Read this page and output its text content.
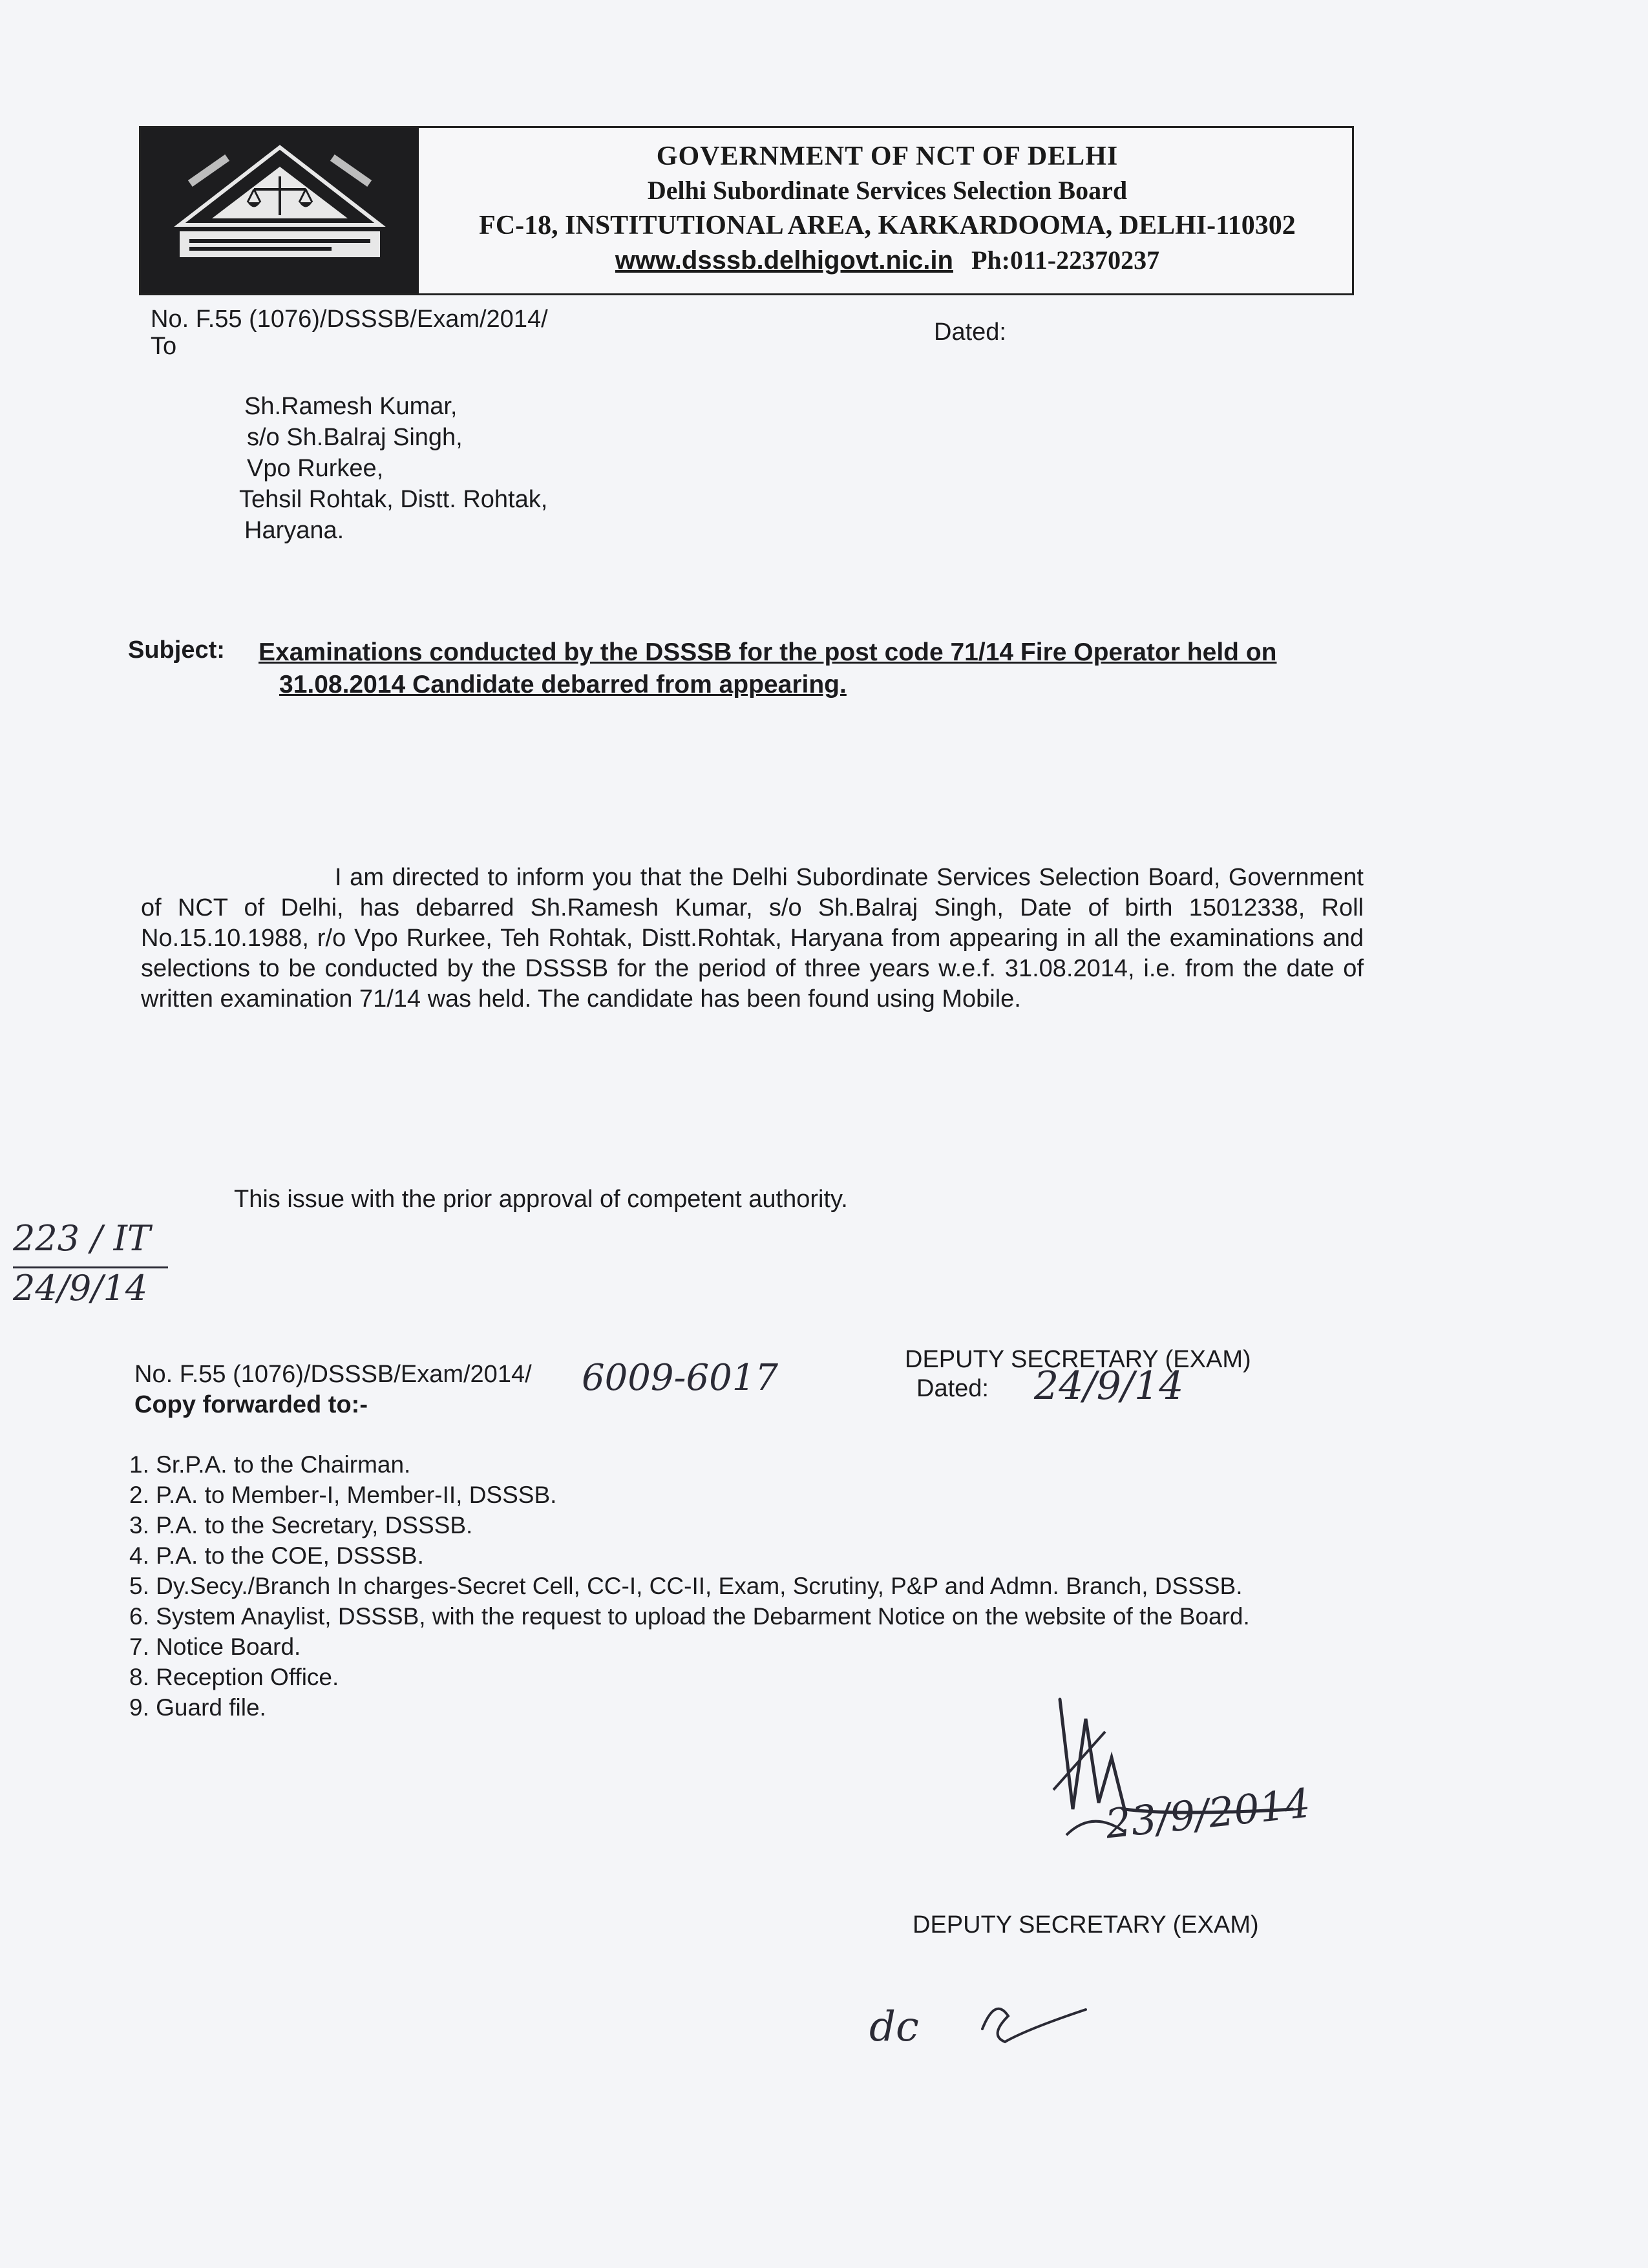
GOVERNMENT OF NCT OF DELHI
Delhi Subordinate Services Selection Board
FC-18, INSTITUTIONAL AREA, KARKARDOOMA, DELHI-110302
www.dsssb.delhigovt.nic.in Ph:011-22370237
No. F.55 (1076)/DSSSB/Exam/2014/
To
Dated:
Sh.Ramesh Kumar,
s/o Sh.Balraj Singh,
Vpo Rurkee,
Tehsil Rohtak, Distt. Rohtak,
Haryana.
Subject: Examinations conducted by the DSSSB for the post code 71/14 Fire Operator held on
31.08.2014 Candidate debarred from appearing.

I am directed to inform you that the Delhi Subordinate Services Selection Board, Government of NCT of Delhi, has debarred Sh.Ramesh Kumar, s/o Sh.Balraj Singh, Date of birth 15012338, Roll No.15.10.1988, r/o Vpo Rurkee, Teh Rohtak, Distt.Rohtak, Haryana from appearing in all the examinations and selections to be conducted by the DSSSB for the period of three years w.e.f. 31.08.2014, i.e. from the date of written examination 71/14 was held. The candidate has been found using Mobile.

This issue with the prior approval of competent authority.
223 / IT
24/9/14
DEPUTY SECRETARY (EXAM)
No. F.55 (1076)/DSSSB/Exam/2014/ 6009-6017
Copy forwarded to:-
Dated: 24/9/14
1. Sr.P.A. to the Chairman.
2. P.A. to Member-I, Member-II, DSSSB.
3. P.A. to the Secretary, DSSSB.
4. P.A. to the COE, DSSSB.
5. Dy.Secy./Branch In charges-Secret Cell, CC-I, CC-II, Exam, Scrutiny, P&P and Admn. Branch, DSSSB.
6. System Anaylist, DSSSB, with the request to upload the Debarment Notice on the website of the Board.
7. Notice Board.
8. Reception Office.
9. Guard file.
23/9/2014
DEPUTY SECRETARY (EXAM)
dc
